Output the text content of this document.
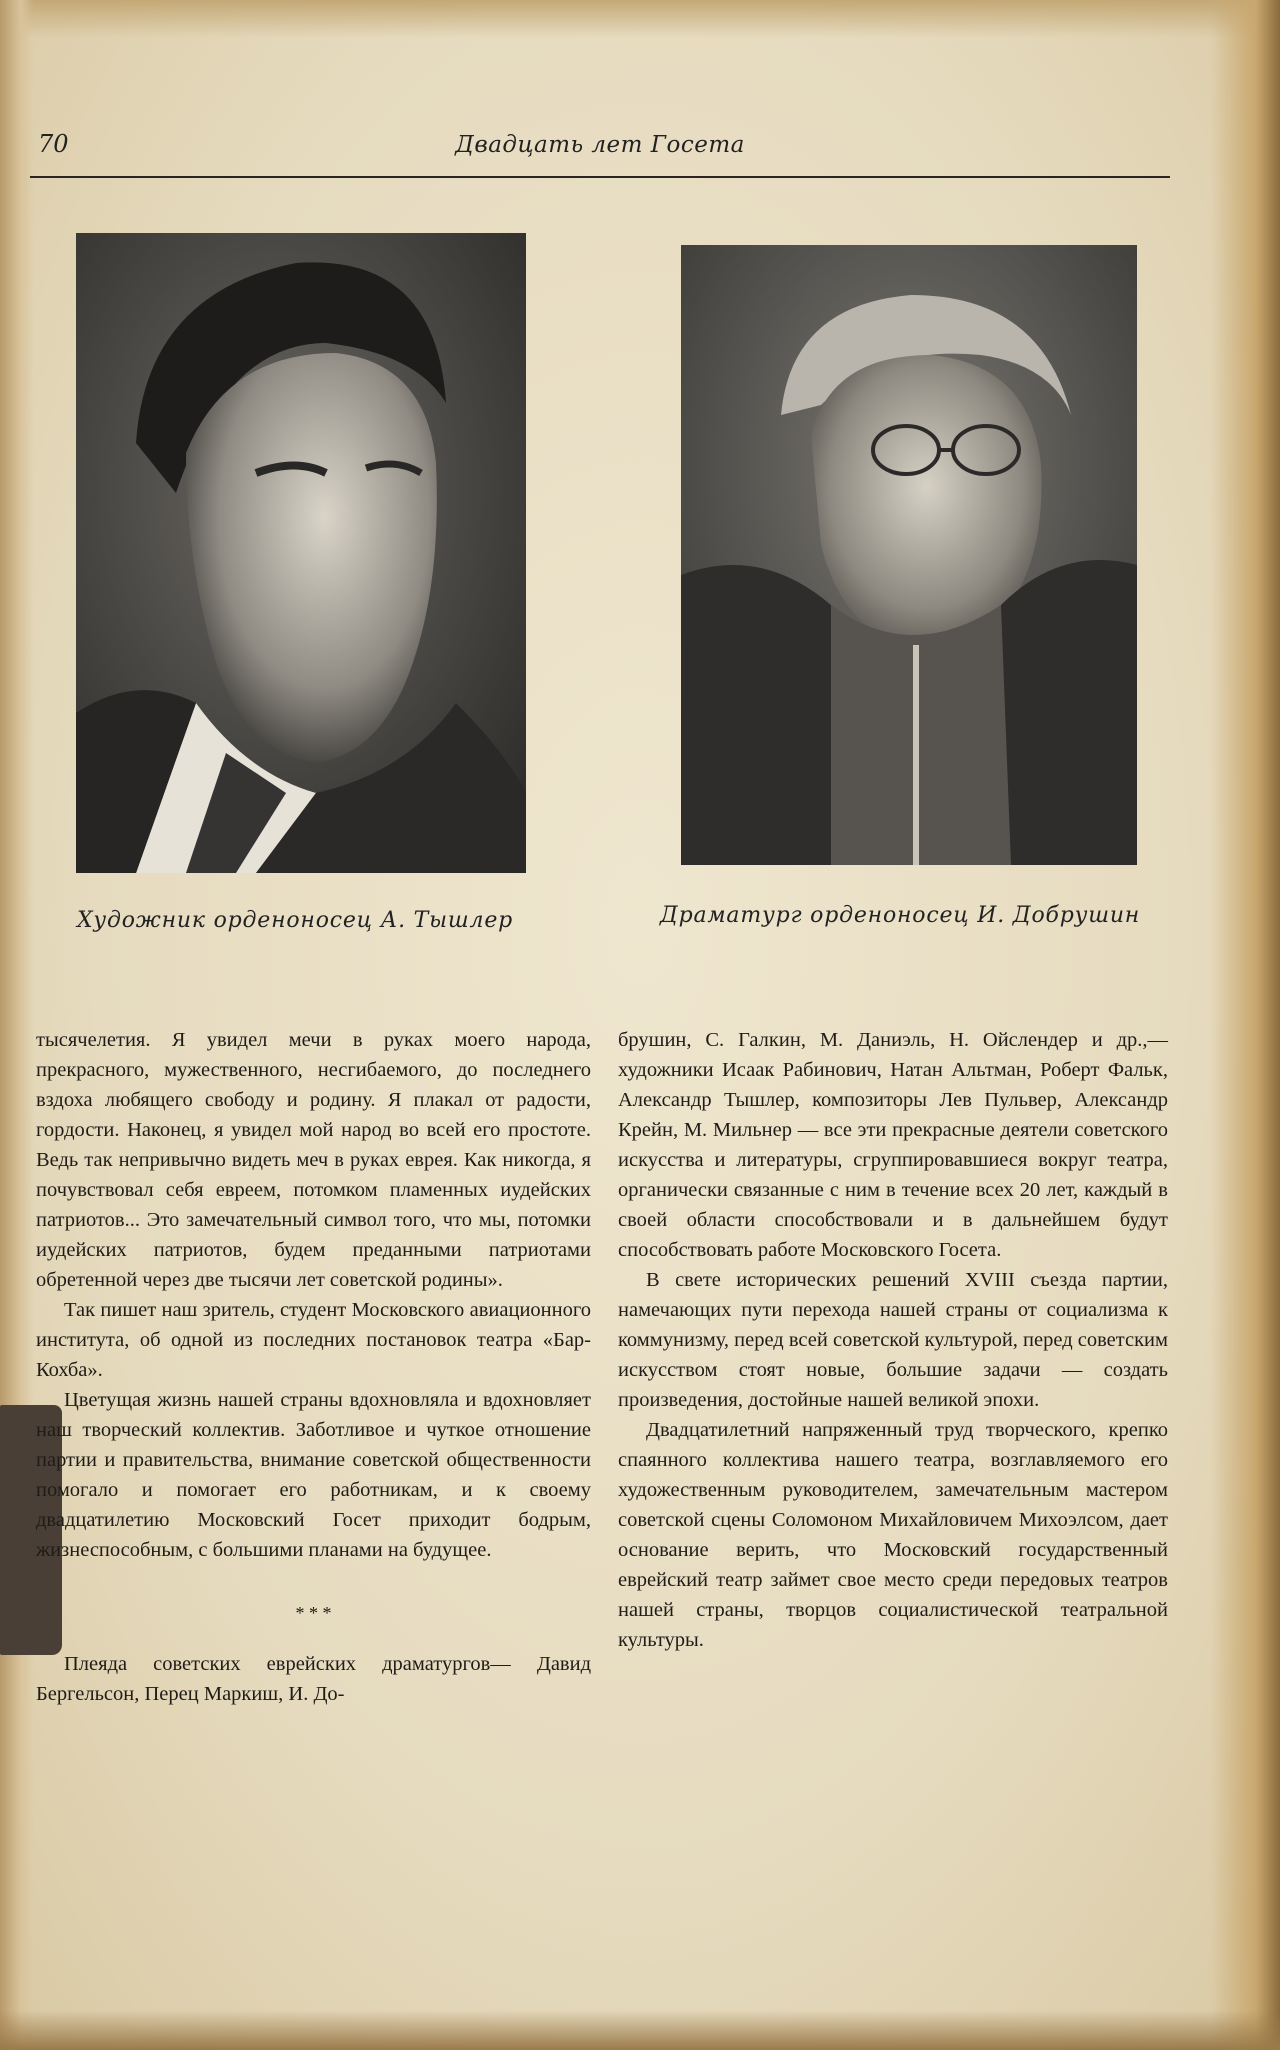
70	Двадцать лет Госета
Художник орденоносец А. Тышлер	Драматург орденоносец И. Добрушин

тысячелетия. Я увидел мечи в руках моего народа, прекрасного, мужественного, несгибаемого, до последнего вздоха любящего свободу и родину. Я плакал от радости, гордости. Наконец, я увидел мой народ во всей его простоте. Ведь так непривычно видеть меч в руках еврея. Как никогда, я почувствовал себя евреем, потомком пламенных иудейских патриотов... Это замечательный символ того, что мы, потомки иудейских патриотов, будем преданными патриотами обретенной через две тысячи лет советской родины».

Так пишет наш зритель, студент Московского авиационного института, об одной из последних постановок театра «Бар-Кохба».

Цветущая жизнь нашей страны вдохновляла и вдохновляет наш творческий коллектив. Заботливое и чуткое отношение партии и правительства, внимание советской общественности помогало и помогает его работникам, и к своему двадцатилетию Московский Госет приходит бодрым, жизнеспособным, с большими планами на будущее.

* * *

Плеяда советских еврейских драматургов— Давид Бергельсон, Перец Маркиш, И. До-

брушин, С. Галкин, М. Даниэль, Н. Ойслендер и др.,— художники Исаак Рабинович, Натан Альтман, Роберт Фальк, Александр Тышлер, композиторы Лев Пульвер, Александр Крейн, М. Мильнер — все эти прекрасные деятели советского искусства и литературы, сгруппировавшиеся вокруг театра, органически связанные с ним в течение всех 20 лет, каждый в своей области способствовали и в дальнейшем будут способствовать работе Московского Госета.

В свете исторических решений XVIII съезда партии, намечающих пути перехода нашей страны от социализма к коммунизму, перед всей советской культурой, перед советским искусством стоят новые, большие задачи — создать произведения, достойные нашей великой эпохи.

Двадцатилетний напряженный труд творческого, крепко спаянного коллектива нашего театра, возглавляемого его художественным руководителем, замечательным мастером советской сцены Соломоном Михайловичем Михоэлсом, дает основание верить, что Московский государственный еврейский театр займет свое место среди передовых театров нашей страны, творцов социалистической театральной культуры.
